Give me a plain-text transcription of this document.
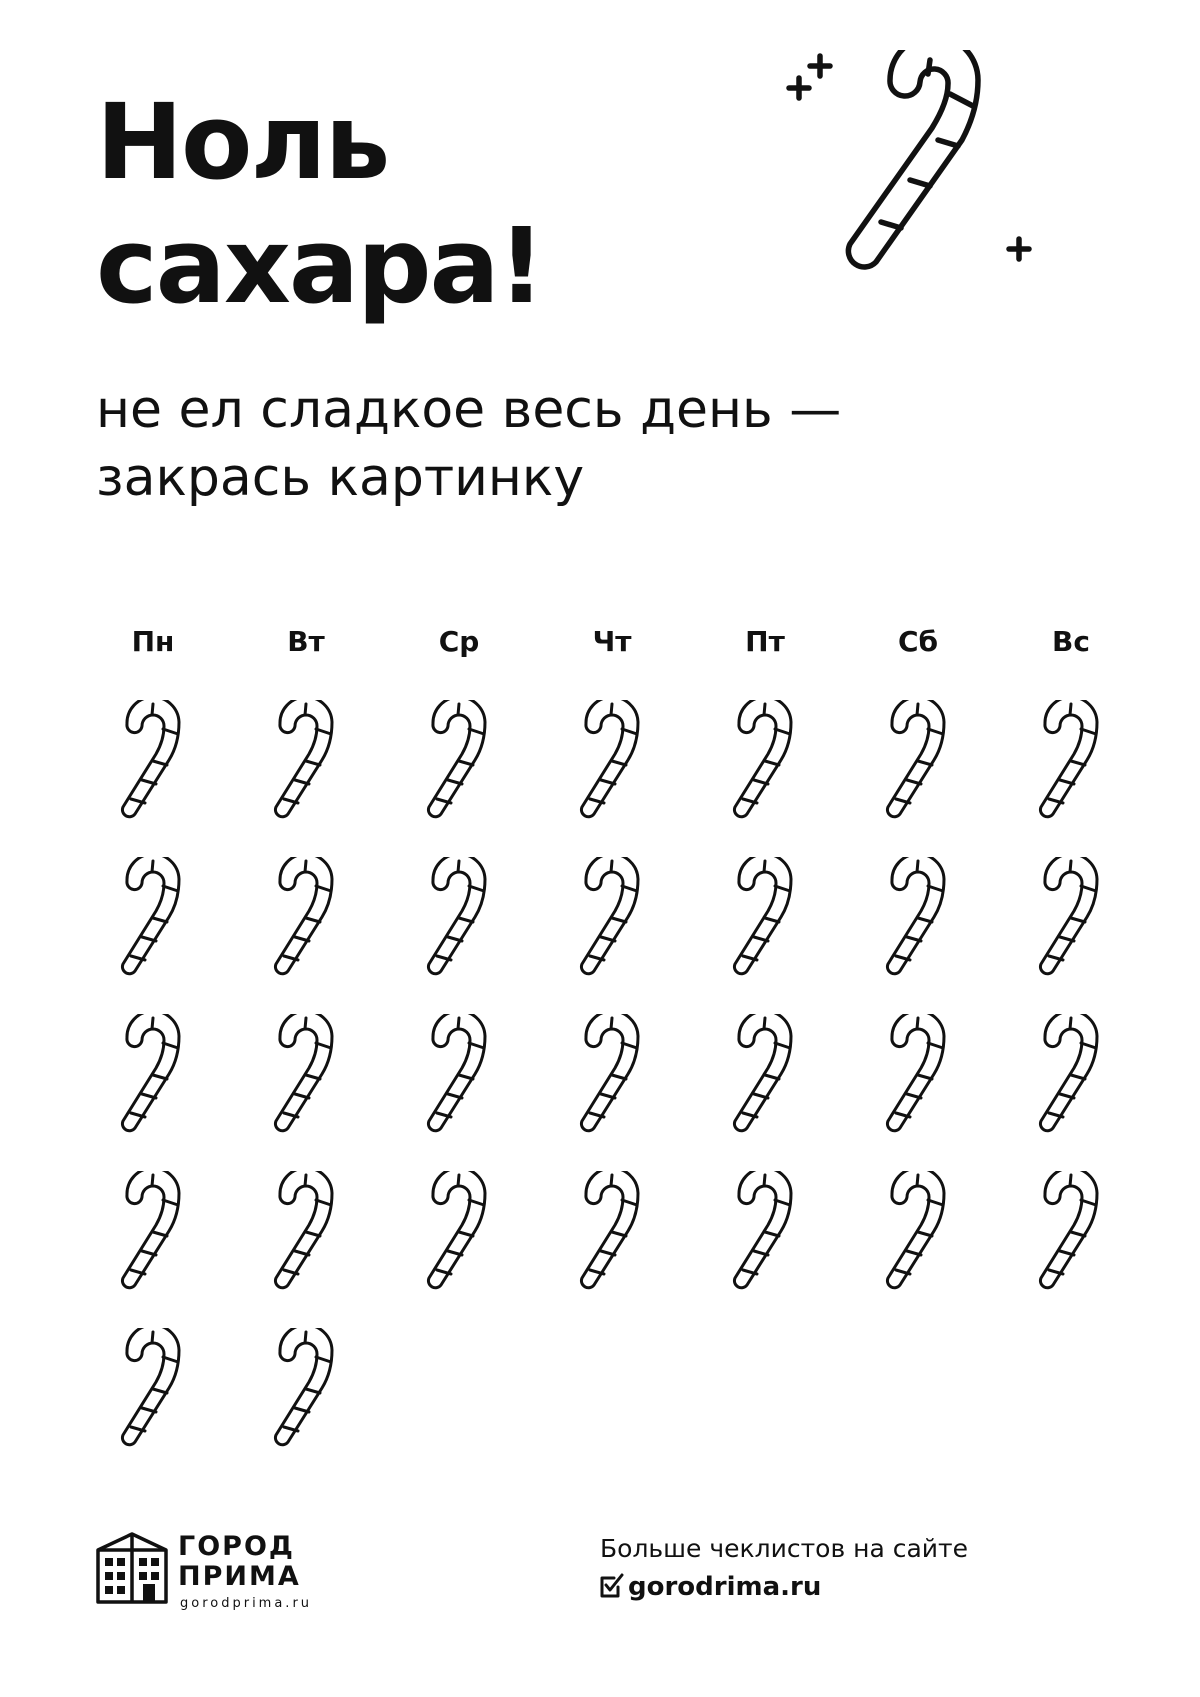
Ноль
сахара!

не ел сладкое весь день —
закрась картинку

Пн	Вт	Ср	Чт	Пт	Сб	Вс

ГОРОД
ПРИМА

gorodprima.ru
Больше чеклистов на сайте
gorodrima.ru
